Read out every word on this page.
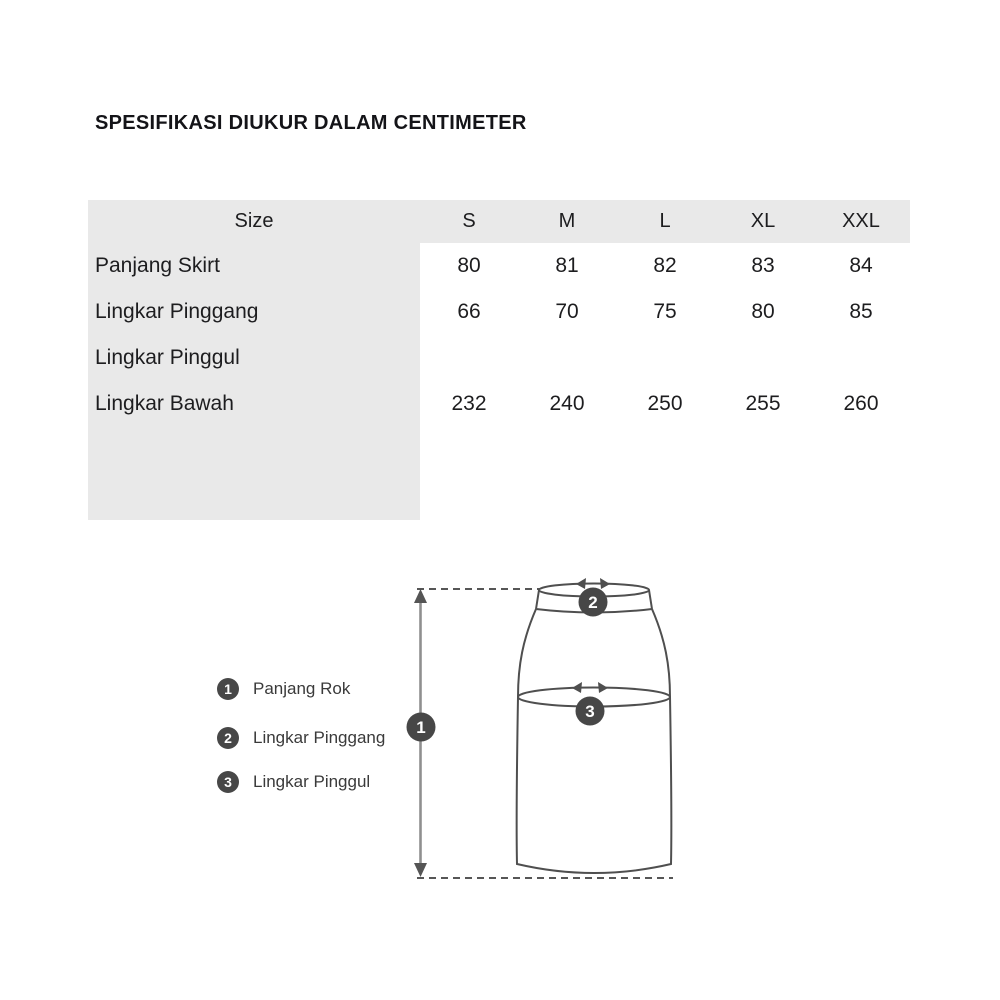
SPESIFIKASI DIUKUR DALAM CENTIMETER
Size	S	M	L	XL	XXL
Panjang Skirt	80	81	82	83	84
Lingkar Pinggang	66	70	75	80	85
Lingkar Pinggul
Lingkar Bawah	232	240	250	255	260
1	Panjang Rok
2	Lingkar Pinggang
3	Lingkar Pinggul
1
2
3
